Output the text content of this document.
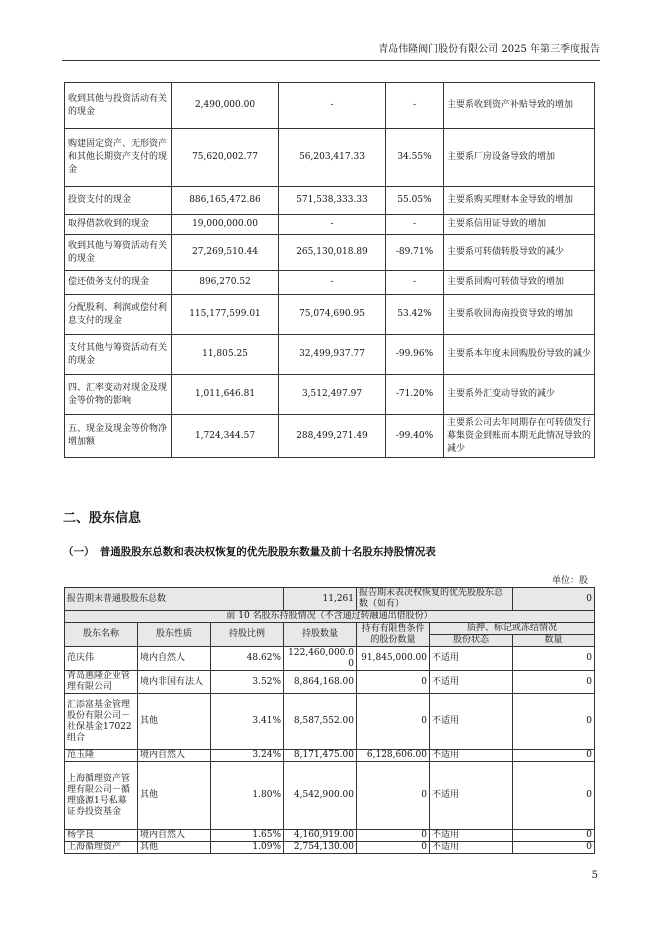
青岛伟隆阀门股份有限公司 2025 年第三季度报告
收到其他与投资活动有关的现金	2,490,000.00	-	-	主要系收到资产补贴导致的增加
购建固定资产、无形资产和其他长期资产支付的现金	75,620,002.77	56,203,417.33	34.55%	主要系厂房设备导致的增加
投资支付的现金	886,165,472.86	571,538,333.33	55.05%	主要系购买理财本金导致的增加
取得借款收到的现金	19,000,000.00	-	-	主要系信用证导致的增加
收到其他与筹资活动有关的现金	27,269,510.44	265,130,018.89	-89.71%	主要系可转债转股导致的减少
偿还债务支付的现金	896,270.52	-	-	主要系回购可转债导致的增加
分配股利、利润或偿付利息支付的现金	115,177,599.01	75,074,690.95	53.42%	主要系收回海南投资导致的增加
支付其他与筹资活动有关的现金	11,805.25	32,499,937.77	-99.96%	主要系本年度未回购股份导致的减少
四、汇率变动对现金及现金等价物的影响	1,011,646.81	3,512,497.97	-71.20%	主要系外汇变动导致的减少
五、现金及现金等价物净增加额	1,724,344.57	288,499,271.49	-99.40%	主要系公司去年同期存在可转债发行募集资金到账而本期无此情况导致的减少
二、股东信息
（一）　普通股股东总数和表决权恢复的优先股股东数量及前十名股东持股情况表
单位：股
报告期末普通股股东总数			11,261	报告期末表决权恢复的优先股股东总数（如有）		0
前 10 名股东持股情况（不含通过转融通出借股份）						
股东名称	股东性质	持股比例	持股数量	持有有限售条件的股份数量	质押、标记或冻结情况	
					股份状态	数量
范庆伟	境内自然人	48.62%	122,460,000.00	91,845,000.00	不适用	0
青岛惠隆企业管理有限公司	境内非国有法人	3.52%	8,864,168.00	0	不适用	0
汇添富基金管理股份有限公司－社保基金17022组合	其他	3.41%	8,587,552.00	0	不适用	0
范玉隆	境内自然人	3.24%	8,171,475.00	6,128,606.00	不适用	0
上海循理资产管理有限公司－循理盛源1号私募证券投资基金	其他	1.80%	4,542,900.00	0	不适用	0
杨学良	境内自然人	1.65%	4,160,919.00	0	不适用	0
上海循理资产	其他	1.09%	2,754,130.00	0	不适用	0
5
